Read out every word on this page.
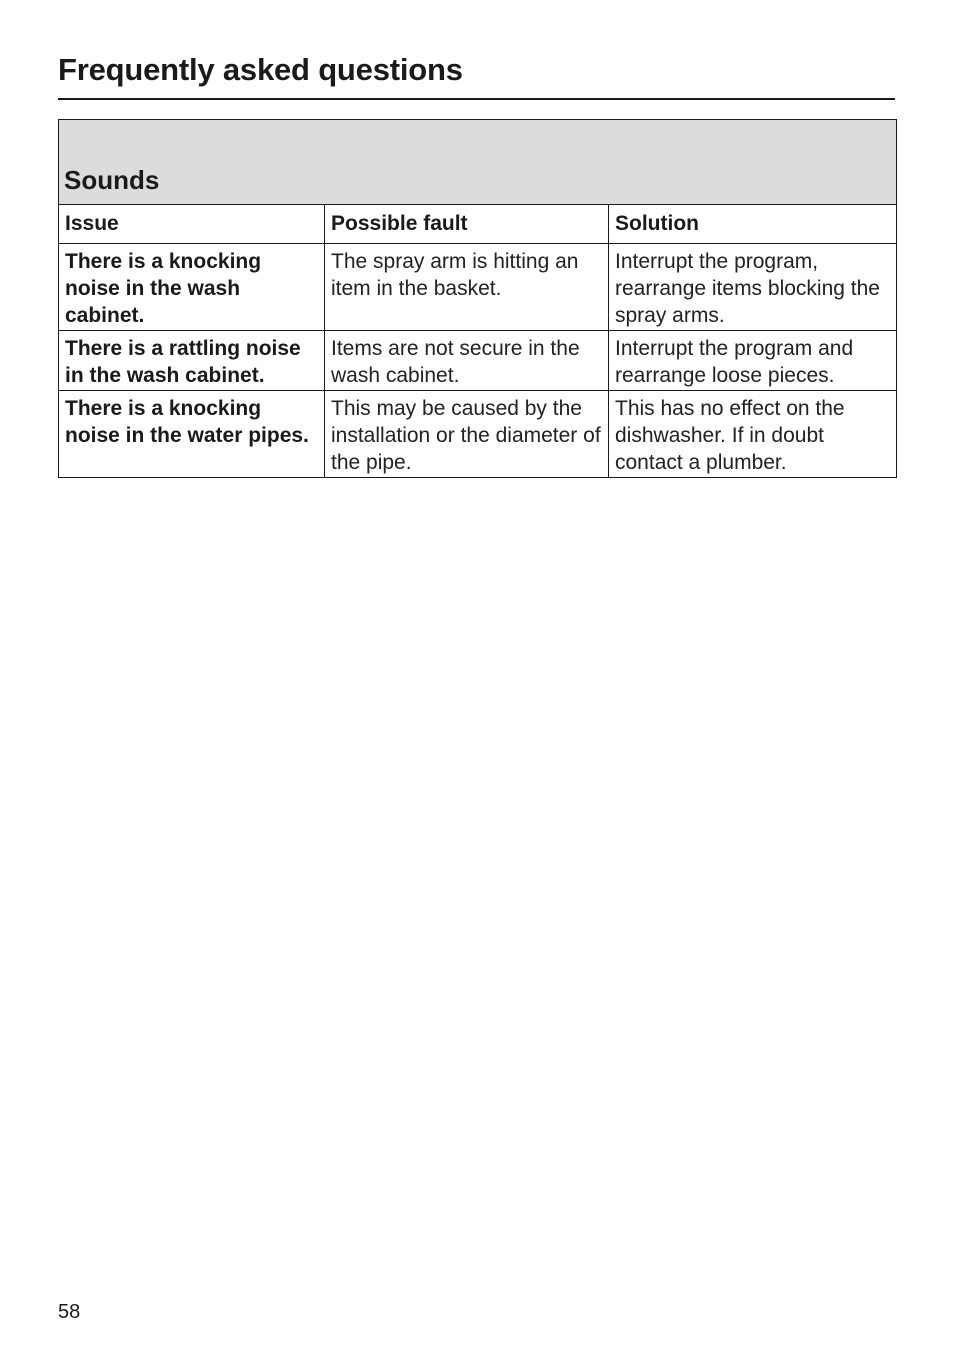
Frequently asked questions
Sounds		
Issue	Possible fault	Solution
There is a knocking noise in the wash cabinet.	The spray arm is hitting an item in the basket.	Interrupt the program, rearrange items blocking the spray arms.
There is a rattling noise in the wash cabinet.	Items are not secure in the wash cabinet.	Interrupt the program and rearrange loose pieces.
There is a knocking noise in the water pipes.	This may be caused by the installation or the diameter of the pipe.	This has no effect on the dishwasher. If in doubt contact a plumber.
58
